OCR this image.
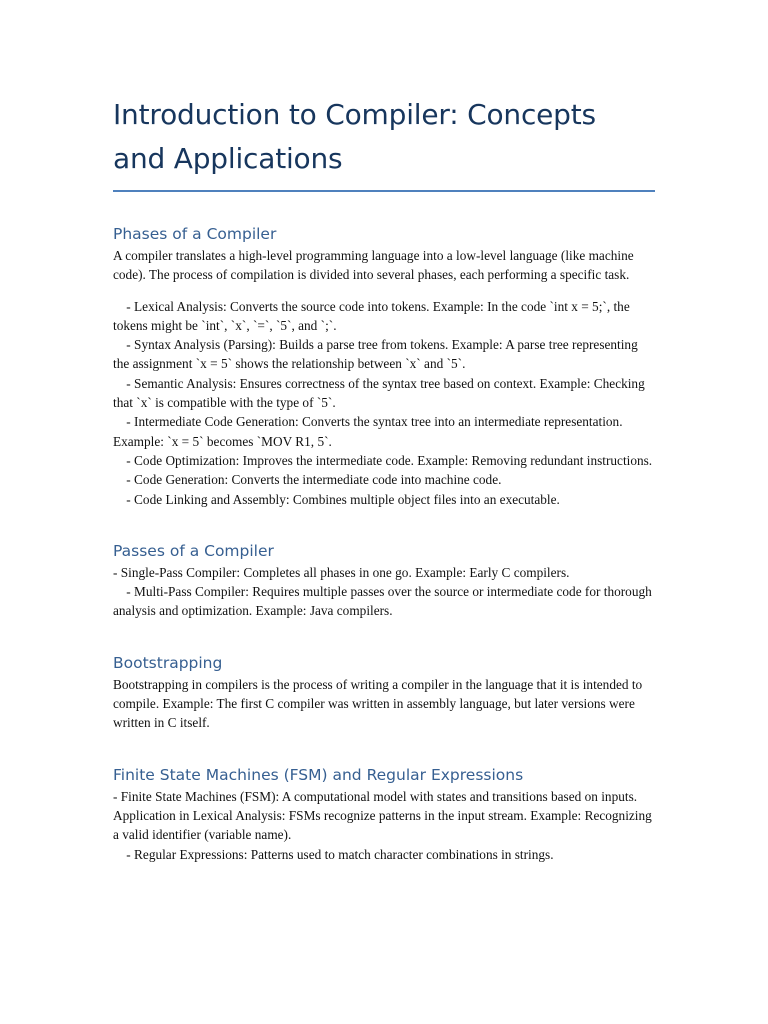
Introduction to Compiler: Concepts and Applications
Phases of a Compiler

A compiler translates a high-level programming language into a low-level language (like machine code). The process of compilation is divided into several phases, each performing a specific task.

- Lexical Analysis: Converts the source code into tokens. Example: In the code `int x = 5;`, the tokens might be `int`, `x`, `=`, `5`, and `;`.
- Syntax Analysis (Parsing): Builds a parse tree from tokens. Example: A parse tree representing the assignment `x = 5` shows the relationship between `x` and `5`.
- Semantic Analysis: Ensures correctness of the syntax tree based on context. Example: Checking that `x` is compatible with the type of `5`.
- Intermediate Code Generation: Converts the syntax tree into an intermediate representation. Example: `x = 5` becomes `MOV R1, 5`.
- Code Optimization: Improves the intermediate code. Example: Removing redundant instructions.
- Code Generation: Converts the intermediate code into machine code.
- Code Linking and Assembly: Combines multiple object files into an executable.

Passes of a Compiler

- Single-Pass Compiler: Completes all phases in one go. Example: Early C compilers.
- Multi-Pass Compiler: Requires multiple passes over the source or intermediate code for thorough analysis and optimization. Example: Java compilers.

Bootstrapping

Bootstrapping in compilers is the process of writing a compiler in the language that it is intended to compile. Example: The first C compiler was written in assembly language, but later versions were written in C itself.

Finite State Machines (FSM) and Regular Expressions

- Finite State Machines (FSM): A computational model with states and transitions based on inputs. Application in Lexical Analysis: FSMs recognize patterns in the input stream. Example: Recognizing a valid identifier (variable name).
- Regular Expressions: Patterns used to match character combinations in strings.
